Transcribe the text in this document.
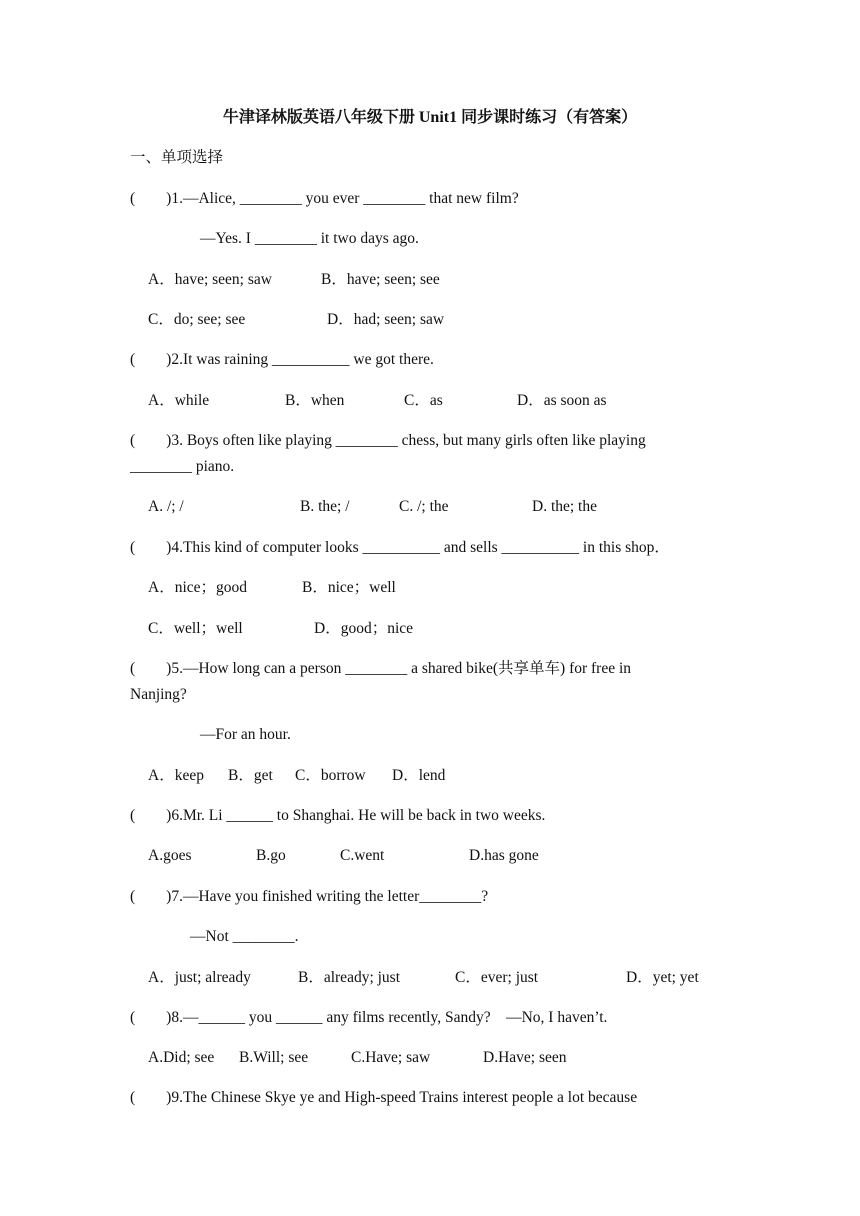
牛津译林版英语八年级下册 Unit1 同步课时练习（有答案）
一、单项选择
(        )1.—Alice, ________ you ever ________ that new film?
—Yes. I ________ it two days ago.
A．have; seen; saw	B．have; seen; see
C．do; see; see	D．had; seen; saw
(        )2.It was raining __________ we got there.
A．while	B．when	C．as	D．as soon as
(        )3. Boys often like playing ________ chess, but many girls often like playing
________ piano.
A. /; /	B. the; /	C. /; the	D. the; the
(        )4.This kind of computer looks __________ and sells __________ in this shop．
A．nice；good	B．nice；well
C．well；well	D．good；nice
(        )5.—How long can a person ________ a shared bike(共享单车) for free in
Nanjing?
—For an hour.
A．keep B．get C．borrow D．lend
(        )6.Mr. Li ______ to Shanghai. He will be back in two weeks.
A.goes	B.go	C.went	D.has gone
(        )7.—Have you finished writing the letter________?
—Not ________.
A．just; already	B．already; just	C．ever; just	D．yet; yet
(        )8.—______ you ______ any films recently, Sandy?    —No, I haven’t.
A.Did; see B.Will; see	C.Have; saw	D.Have; seen
(        )9.The Chinese Skye ye and High-speed Trains interest people a lot because
